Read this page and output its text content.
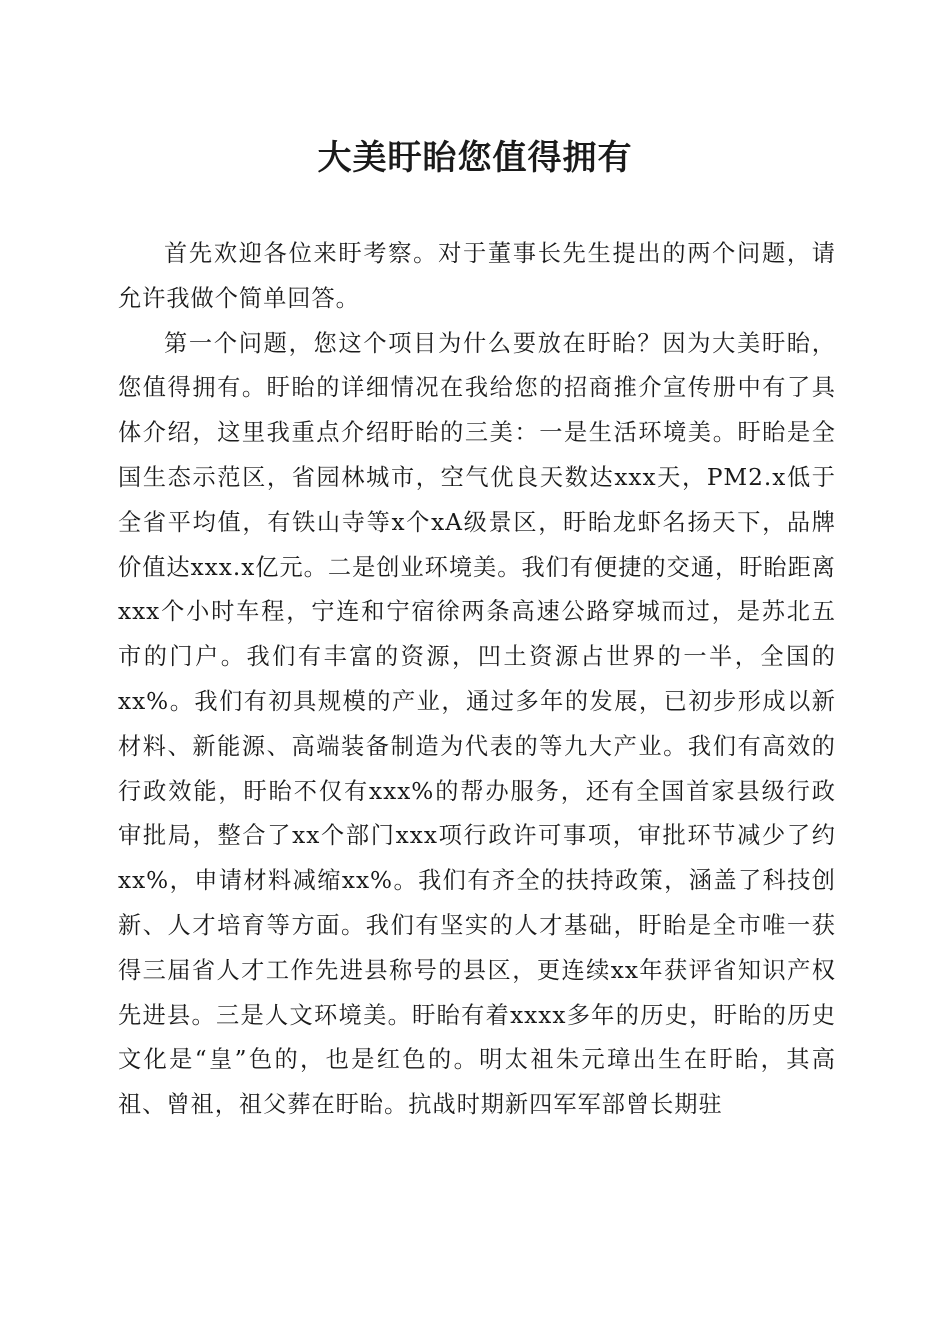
大美盱眙您值得拥有

首先欢迎各位来盱考察。对于董事长先生提出的两个问题，请允许我做个简单回答。

第一个问题，您这个项目为什么要放在盱眙？因为大美盱眙，您值得拥有。盱眙的详细情况在我给您的招商推介宣传册中有了具体介绍，这里我重点介绍盱眙的三美：一是生活环境美。盱眙是全国生态示范区，省园林城市，空气优良天数达xxx天，PM2.x低于全省平均值，有铁山寺等x个xA级景区，盱眙龙虾名扬天下，品牌价值达xxx.x亿元。二是创业环境美。我们有便捷的交通，盱眙距离xxx个小时车程，宁连和宁宿徐两条高速公路穿城而过，是苏北五市的门户。我们有丰富的资源，凹土资源占世界的一半，全国的xx%。我们有初具规模的产业，通过多年的发展，已初步形成以新材料、新能源、高端装备制造为代表的等九大产业。我们有高效的行政效能，盱眙不仅有xxx%的帮办服务，还有全国首家县级行政审批局，整合了xx个部门xxx项行政许可事项，审批环节减少了约xx%，申请材料减缩xx%。我们有齐全的扶持政策，涵盖了科技创新、人才培育等方面。我们有坚实的人才基础，盱眙是全市唯一获得三届省人才工作先进县称号的县区，更连续xx年获评省知识产权先进县。三是人文环境美。盱眙有着xxxx多年的历史，盱眙的历史文化是“皇”色的，也是红色的。明太祖朱元璋出生在盱眙，其高祖、曾祖，祖父葬在盱眙。抗战时期新四军军部曾长期驻
